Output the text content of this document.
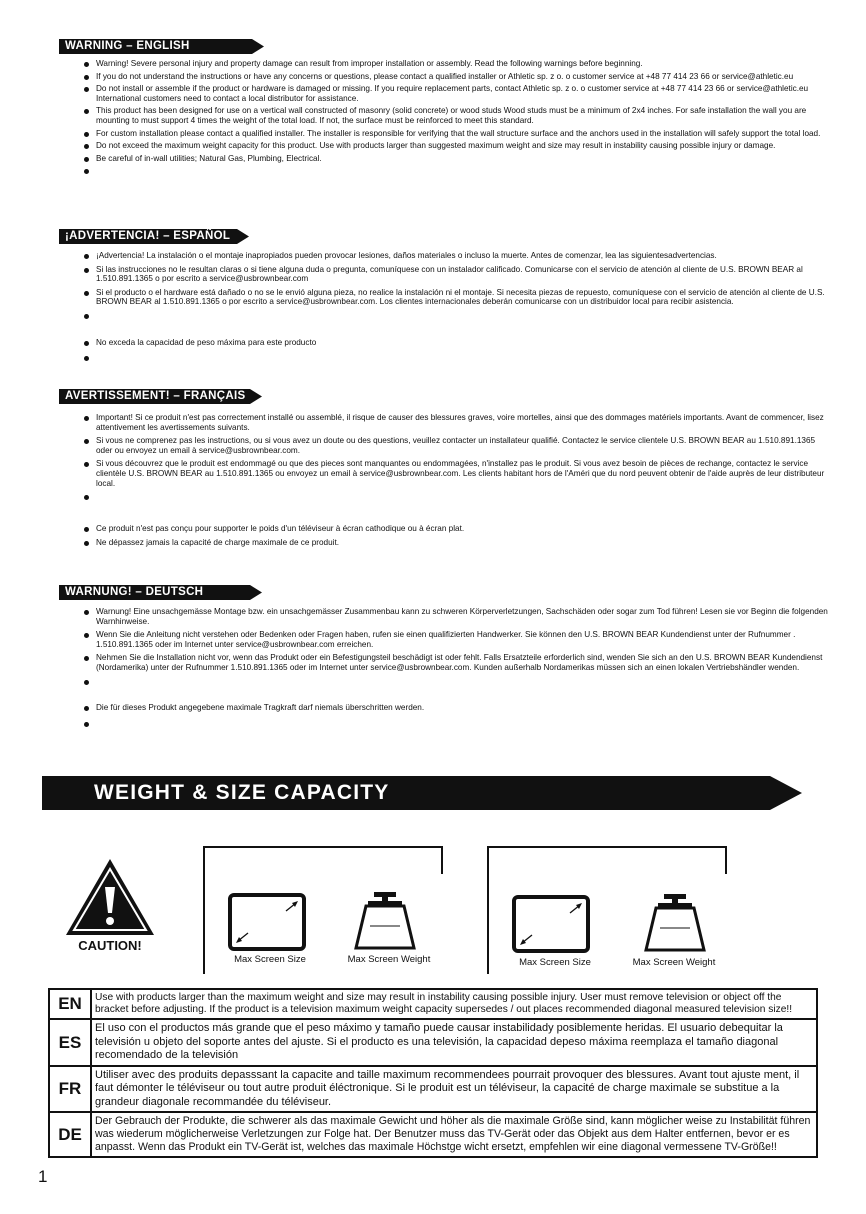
WARNING – ENGLISH
Warning! Severe personal injury and property damage can result from improper installation or assembly. Read the following warnings before beginning.
If you do not understand the instructions or have any concerns or questions, please contact a qualified installer or Athletic sp. z o. o customer service at +48 77 414 23 66 or service@athletic.eu
Do not install or assemble if the product or hardware is damaged or missing. If you require replacement parts, contact Athletic sp. z o. o customer service at +48 77 414 23 66 or service@athletic.eu International customers need to contact a local distributor for assistance.
This product has been designed for use on a vertical wall constructed of masonry (solid concrete) or wood studs Wood studs must be a minimum of 2x4 inches. For safe installation the wall you are mounting to must support 4 times the weight of the total load. If not, the surface must be reinforced to meet this standard.
For custom installation please contact a qualified installer. The installer is responsible for verifying that the wall structure surface and the anchors used in the installation will safely support the total load.
Do not exceed the maximum weight capacity for this product. Use with products larger than suggested maximum weight and size may result in instability causing possible injury or damage.
Be careful of in-wall utilities; Natural Gas, Plumbing, Electrical.
¡ADVERTENCIA! – ESPAÑOL
¡Advertencia! La instalación o el montaje inapropiados pueden provocar lesiones, daños materiales o incluso la muerte. Antes de comenzar, lea las siguientesadvertencias.
Si las instrucciones no le resultan claras o si tiene alguna duda o pregunta, comuníquese con un instalador calificado. Comunicarse con el servicio de atención al cliente de U.S. BROWN BEAR al 1.510.891.1365 o por escrito a service@usbrownbear.com
Si el producto o el hardware está dañado o no se le envió alguna pieza, no realice la instalación ni el montaje. Si necesita piezas de repuesto, comuníquese con el servicio de atención al cliente de U.S. BROWN BEAR al 1.510.891.1365 o por escrito a service@usbrownbear.com. Los clientes internacionales deberán comunicarse con un distribuidor local para recibir asistencia.
No exceda la capacidad de peso máxima para este producto
AVERTISSEMENT! – FRANÇAIS
Important! Si ce produit n'est pas correctement installé ou assemblé, il risque de causer des blessures graves, voire mortelles, ainsi que des dommages matériels importants. Avant de commencer, lisez attentivement les avertissements suivants.
Si vous ne comprenez pas les instructions, ou si vous avez un doute ou des questions, veuillez contacter un installateur qualifié. Contactez le service clientele U.S. BROWN BEAR au 1.510.891.1365 oder ou envoyez un email à service@usbrownbear.com.
Si vous découvrez que le produit est endommagé ou que des pieces sont manquantes ou endommagées, n'installez pas le produit. Si vous avez besoin de pièces de rechange, contactez le service clientèle U.S. BROWN BEAR au 1.510.891.1365 ou envoyez un email à service@usbrownbear.com. Les clients habitant hors de l'Améri que du nord peuvent obtenir de l'aide auprès de leur distributeur local.
Ce produit n'est pas conçu pour supporter le poids d'un téléviseur à écran cathodique ou à écran plat.
Ne dépassez jamais la capacité de charge maximale de ce produit.
WARNUNG! – DEUTSCH
Warnung! Eine unsachgemässe Montage bzw. ein unsachgemässer Zusammenbau kann zu schweren Körperverletzungen, Sachschäden oder sogar zum Tod führen! Lesen sie vor Beginn die folgenden Warnhinweise.
Wenn Sie die Anleitung nicht verstehen oder Bedenken oder Fragen haben, rufen sie einen qualifizierten Handwerker. Sie können den U.S. BROWN BEAR Kundendienst unter der Rufnummer . 1.510.891.1365 oder im Internet unter service@usbrownbear.com erreichen.
Nehmen Sie die Installation nicht vor, wenn das Produkt oder ein Befestigungsteil beschädigt ist oder fehlt. Falls Ersatzteile erforderlich sind, wenden Sie sich an den U.S. BROWN BEAR Kundendienst (Nordamerika) unter der Rufnummer 1.510.891.1365 oder im Internet unter service@usbrownbear.com. Kunden außerhalb Nordamerikas müssen sich an einen lokalen Vertriebshändler wenden.
Die für dieses Produkt angegebene maximale Tragkraft darf niemals überschritten werden.
WEIGHT & SIZE CAPACITY
CAUTION!
Max Screen Size	Max Screen Weight	Max Screen Size	Max Screen Weight
EN	Use with products larger than the maximum weight and size may result in instability causing possible injury. User must remove television or object off the bracket before adjusting. If the product is a television maximum weight capacity supersedes / out places recommended diagonal measured television size!!
ES	El uso con el productos más grande que el peso máximo y tamaño puede causar instabilidady posiblemente heridas. El usuario debequitar la televisión u objeto del soporte antes del ajuste. Si el producto es una televisión, la capacidad depeso máxima reemplaza el tamaño diagonal recomendado de la televisión
FR	Utiliser avec des produits depasssant la capacite and taille maximum recommendees pourrait provoquer des blessures. Avant tout ajuste ment, il faut démonter le téléviseur ou tout autre produit éléctronique. Si le produit est un téléviseur, la capacité de charge maximale se substitue a la grandeur diagonale recommandée du téléviseur.
DE	Der Gebrauch der Produkte, die schwerer als das maximale Gewicht und höher als die maximale Größe sind, kann möglicher weise zu Instabilität führen was wiederum möglicherweise Verletzungen zur Folge hat. Der Benutzer muss das TV-Gerät oder das Objekt aus dem Halter entfernen, bevor er es anpasst. Wenn das Produkt ein TV-Gerät ist, welches das maximale Höchstge wicht ersetzt, empfehlen wir eine diagonal vermessene TV-Größe!!
1
